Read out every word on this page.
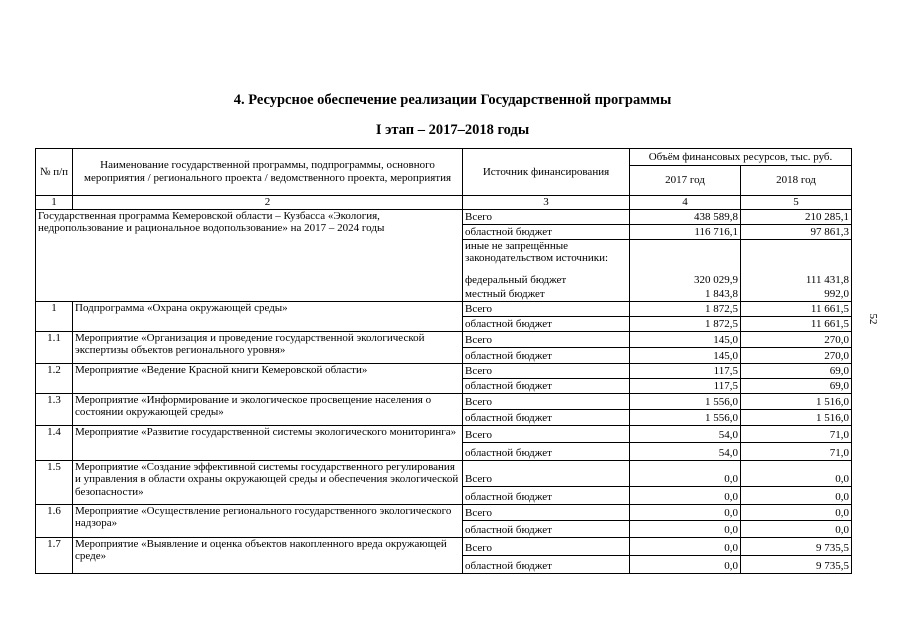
4. Ресурсное обеспечение реализации Государственной программы
I этап – 2017–2018 годы
52
№ п/п	Наименование государственной программы, подпрограммы, основного мероприятия / регионального проекта / ведомственного проекта, мероприятия	Источник финансирования	Объём финансовых ресурсов, тыс. руб.	
			2017 год	2018 год
1	2	3	4	5
Государственная программа Кемеровской области – Кузбасса «Экология, недропользование и рациональное водопользование» на 2017 – 2024 годы		Всего	438 589,8	210 285,1
		областной бюджет	116 716,1	97 861,3
		иные не запрещённые законодательством источники:		
		федеральный бюджет	320 029,9	111 431,8
		местный бюджет	1 843,8	992,0
1	Подпрограмма «Охрана окружающей среды»	Всего	1 872,5	11 661,5
		областной бюджет	1 872,5	11 661,5
1.1	Мероприятие «Организация и проведение государственной экологической экспертизы объектов регионального уровня»	Всего	145,0	270,0
		областной бюджет	145,0	270,0
1.2	Мероприятие «Ведение Красной книги Кемеровской области»	Всего	117,5	69,0
		областной бюджет	117,5	69,0
1.3	Мероприятие «Информирование и экологическое просвещение населения о состоянии окружающей среды»	Всего	1 556,0	1 516,0
		областной бюджет	1 556,0	1 516,0
1.4	Мероприятие «Развитие государственной системы экологического мониторинга»	Всего	54,0	71,0
		областной бюджет	54,0	71,0
1.5	Мероприятие «Создание эффективной системы государственного регулирования и управления в области охраны окружающей среды и обеспечения экологической безопасности»	Всего	0,0	0,0
		областной бюджет	0,0	0,0
1.6	Мероприятие «Осуществление регионального государственного экологического надзора»	Всего	0,0	0,0
		областной бюджет	0,0	0,0
1.7	Мероприятие «Выявление и оценка объектов накопленного вреда окружающей среде»	Всего	0,0	9 735,5
		областной бюджет	0,0	9 735,5
